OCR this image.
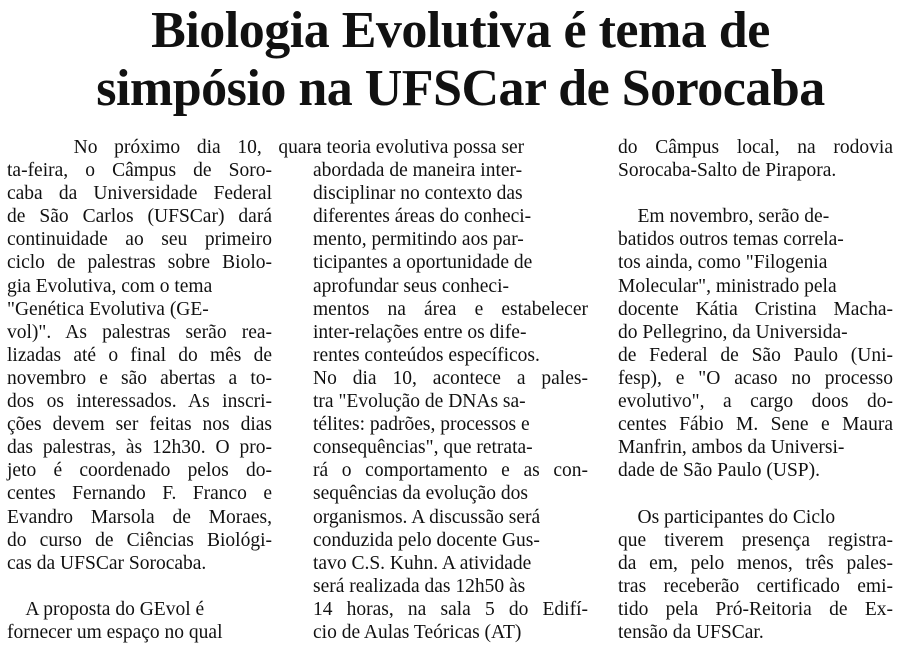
Biologia Evolutiva é tema de
simpósio na UFSCar de Sorocaba
No próximo dia 10, quar-
ta-feira, o Câmpus de Soro-
caba da Universidade Federal
de São Carlos (UFSCar) dará
continuidade ao seu primeiro
ciclo de palestras sobre Biolo-
gia Evolutiva, com o tema
"Genética Evolutiva (GE-
vol)". As palestras serão rea-
lizadas até o final do mês de
novembro e são abertas a to-
dos os interessados. As inscri-
ções devem ser feitas nos dias
das palestras, às 12h30. O pro-
jeto é coordenado pelos do-
centes Fernando F. Franco e
Evandro Marsola de Moraes,
do curso de Ciências Biológi-
cas da UFSCar Sorocaba.
A proposta do GEvol é
fornecer um espaço no qual
a teoria evolutiva possa ser
abordada de maneira inter-
disciplinar no contexto das
diferentes áreas do conheci-
mento, permitindo aos par-
ticipantes a oportunidade de
aprofundar seus conheci-
mentos na área e estabelecer
inter-relações entre os dife-
rentes conteúdos específicos.
No dia 10, acontece a pales-
tra "Evolução de DNAs sa-
télites: padrões, processos e
consequências", que retrata-
rá o comportamento e as con-
sequências da evolução dos
organismos. A discussão será
conduzida pelo docente Gus-
tavo C.S. Kuhn. A atividade
será realizada das 12h50 às
14 horas, na sala 5 do Edifí-
cio de Aulas Teóricas (AT)
do Câmpus local, na rodovia
Sorocaba-Salto de Pirapora.
Em novembro, serão de-
batidos outros temas correla-
tos ainda, como "Filogenia
Molecular", ministrado pela
docente Kátia Cristina Macha-
do Pellegrino, da Universida-
de Federal de São Paulo (Uni-
fesp), e "O acaso no processo
evolutivo", a cargo doos do-
centes Fábio M. Sene e Maura
Manfrin, ambos da Universi-
dade de São Paulo (USP).
Os participantes do Ciclo
que tiverem presença registra-
da em, pelo menos, três pales-
tras receberão certificado emi-
tido pela Pró-Reitoria de Ex-
tensão da UFSCar.
